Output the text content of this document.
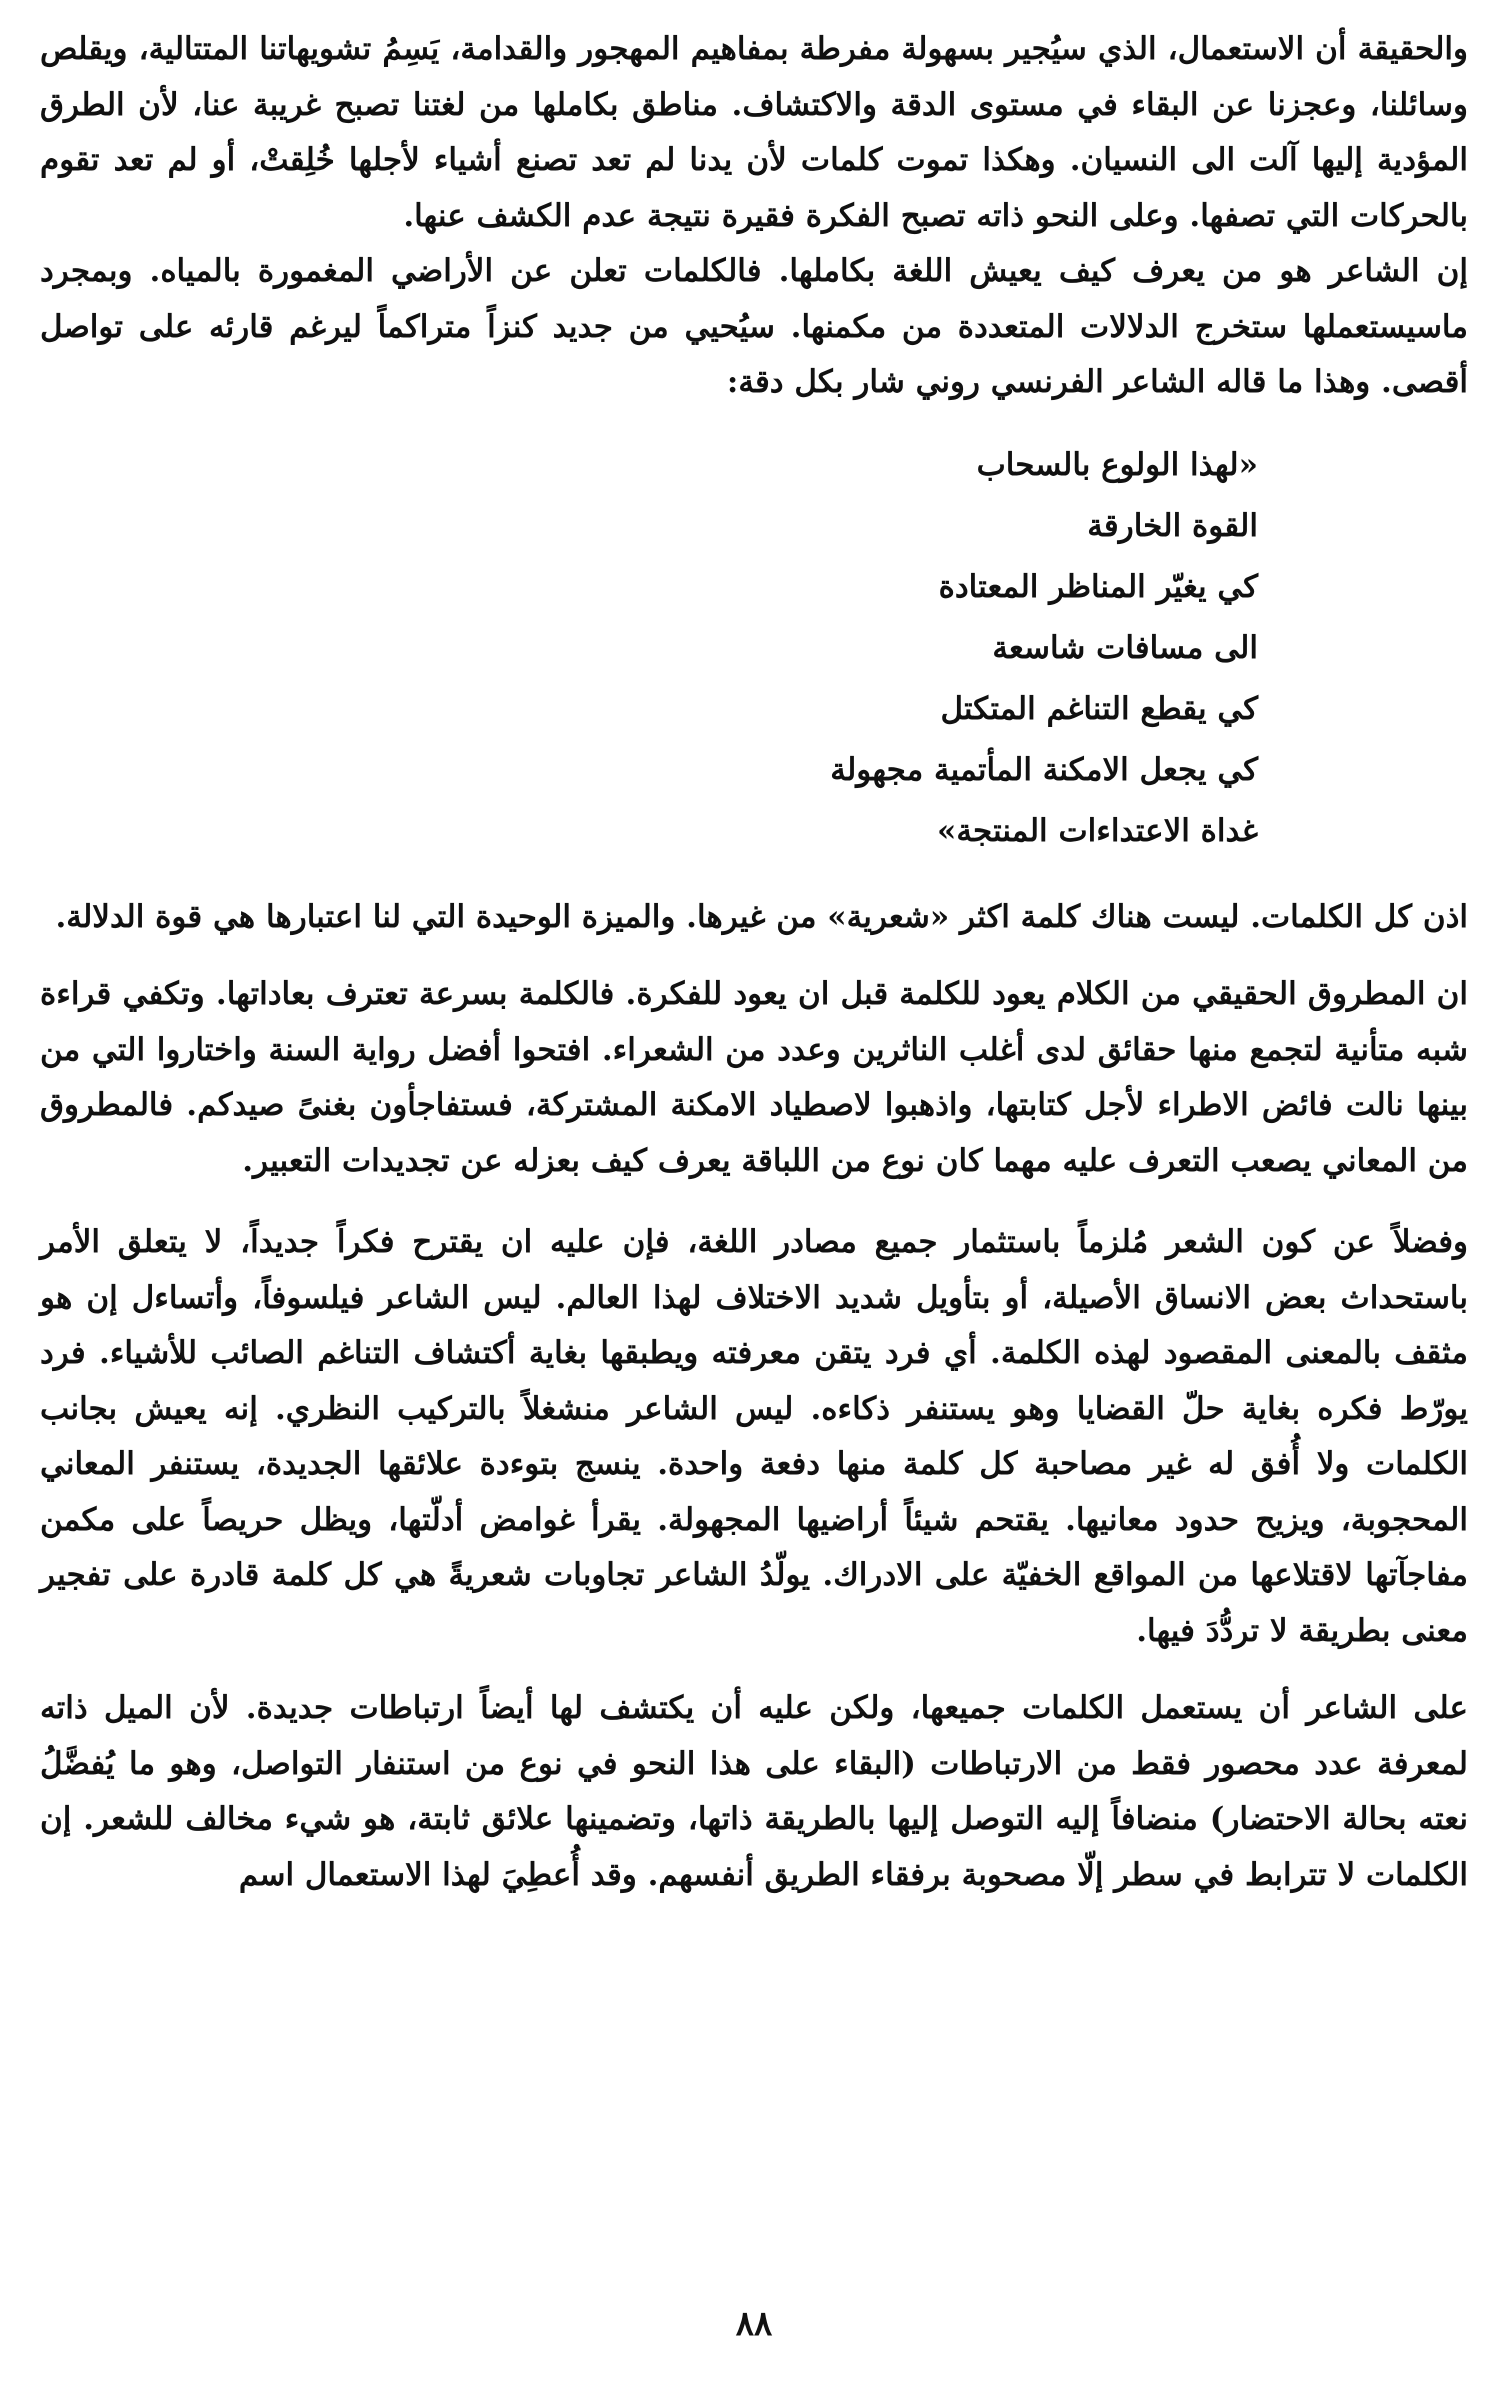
والحقيقة أن الاستعمال، الذي سيُجير بسهولة مفرطة بمفاهيم المهجور والقدامة، يَسِمُ تشويهاتنا المتتالية، ويقلص وسائلنا، وعجزنا عن البقاء في مستوى الدقة والاكتشاف. مناطق بكاملها من لغتنا تصبح غريبة عنا، لأن الطرق المؤدية إليها آلت الى النسيان. وهكذا تموت كلمات لأن يدنا لم تعد تصنع أشياء لأجلها خُلِقتْ، أو لم تعد تقوم بالحركات التي تصفها. وعلى النحو ذاته تصبح الفكرة فقيرة نتيجة عدم الكشف عنها.

إن الشاعر هو من يعرف كيف يعيش اللغة بكاملها. فالكلمات تعلن عن الأراضي المغمورة بالمياه. وبمجرد ماسيستعملها ستخرج الدلالات المتعددة من مكمنها. سيُحيي من جديد كنزاً متراكماً ليرغم قارئه على تواصل أقصى. وهذا ما قاله الشاعر الفرنسي روني شار بكل دقة:

«لهذا الولوع بالسحاب
القوة الخارقة
كي يغيّر المناظر المعتادة
الى مسافات شاسعة
كي يقطع التناغم المتكتل
كي يجعل الامكنة المأتمية مجهولة
غداة الاعتداءات المنتجة»

اذن كل الكلمات. ليست هناك كلمة اكثر «شعرية» من غيرها. والميزة الوحيدة التي لنا اعتبارها هي قوة الدلالة.

ان المطروق الحقيقي من الكلام يعود للكلمة قبل ان يعود للفكرة. فالكلمة بسرعة تعترف بعاداتها. وتكفي قراءة شبه متأنية لتجمع منها حقائق لدى أغلب الناثرين وعدد من الشعراء. افتحوا أفضل رواية السنة واختاروا التي من بينها نالت فائض الاطراء لأجل كتابتها، واذهبوا لاصطياد الامكنة المشتركة، فستفاجأون بغنىً صيدكم. فالمطروق من المعاني يصعب التعرف عليه مهما كان نوع من اللباقة يعرف كيف بعزله عن تجديدات التعبير.

وفضلاً عن كون الشعر مُلزماً باستثمار جميع مصادر اللغة، فإن عليه ان يقترح فكراً جديداً، لا يتعلق الأمر باستحداث بعض الانساق الأصيلة، أو بتأويل شديد الاختلاف لهذا العالم. ليس الشاعر فيلسوفاً، وأتساءل إن هو مثقف بالمعنى المقصود لهذه الكلمة. أي فرد يتقن معرفته ويطبقها بغاية أكتشاف التناغم الصائب للأشياء. فرد يورّط فكره بغاية حلّ القضايا وهو يستنفر ذكاءه. ليس الشاعر منشغلاً بالتركيب النظري. إنه يعيش بجانب الكلمات ولا أُفق له غير مصاحبة كل كلمة منها دفعة واحدة. ينسج بتوءدة علائقها الجديدة، يستنفر المعاني المحجوبة، ويزيح حدود معانيها. يقتحم شيئاً أراضيها المجهولة. يقرأ غوامض أدلّتها، ويظل حريصاً على مكمن مفاجآتها لاقتلاعها من المواقع الخفيّة على الادراك. يولّدُ الشاعر تجاوبات شعريةً هي كل كلمة قادرة على تفجير معنى بطريقة لا تردُّدَ فيها.

على الشاعر أن يستعمل الكلمات جميعها، ولكن عليه أن يكتشف لها أيضاً ارتباطات جديدة. لأن الميل ذاته لمعرفة عدد محصور فقط من الارتباطات (البقاء على هذا النحو في نوع من استنفار التواصل، وهو ما يُفضَّلُ نعته بحالة الاحتضار) منضافاً إليه التوصل إليها بالطريقة ذاتها، وتضمينها علائق ثابتة، هو شيء مخالف للشعر. إن الكلمات لا تترابط في سطر إلّا مصحوبة برفقاء الطريق أنفسهم. وقد أُعطِيَ لهذا الاستعمال اسم

٨٨
